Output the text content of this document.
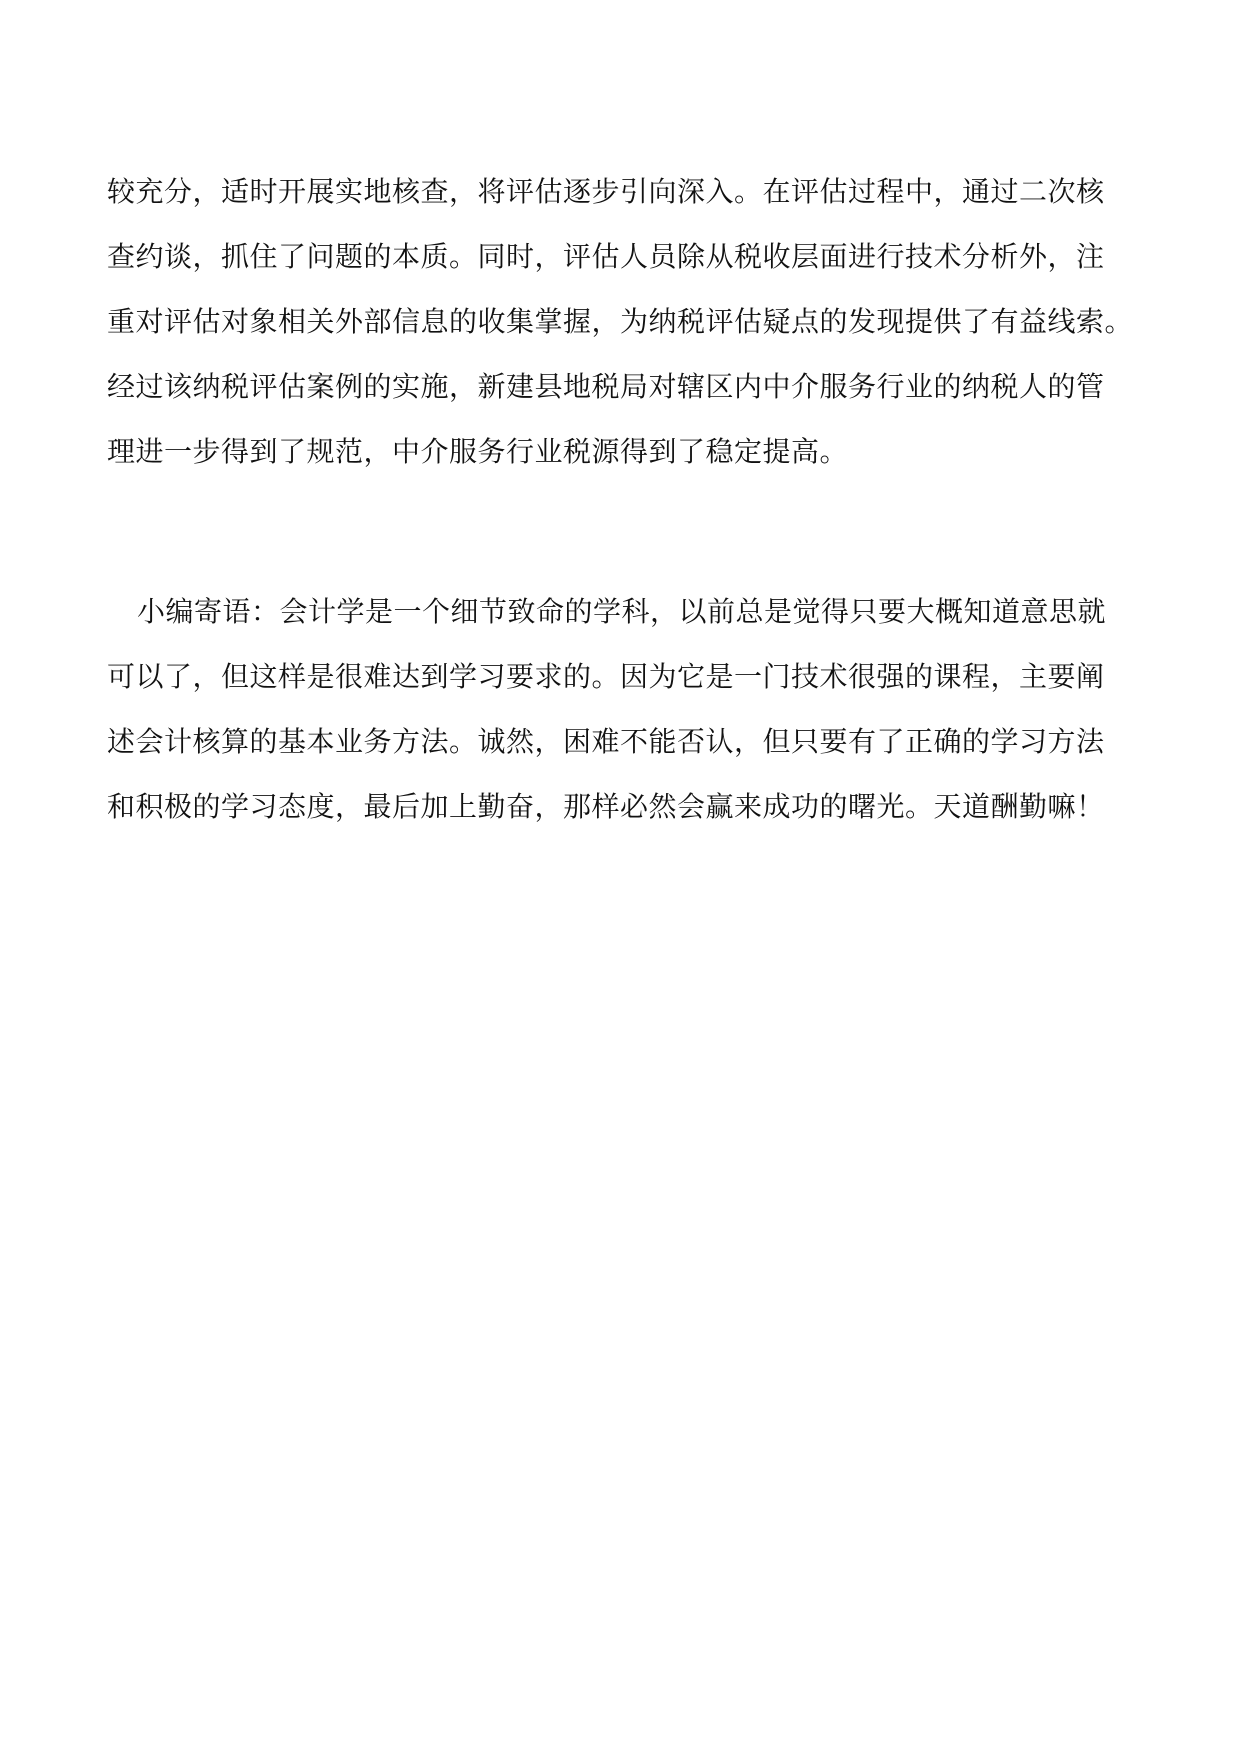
较充分，适时开展实地核查，将评估逐步引向深入。在评估过程中，通过二次核
查约谈，抓住了问题的本质。同时，评估人员除从税收层面进行技术分析外，注
重对评估对象相关外部信息的收集掌握，为纳税评估疑点的发现提供了有益线索。
经过该纳税评估案例的实施，新建县地税局对辖区内中介服务行业的纳税人的管
理进一步得到了规范，中介服务行业税源得到了稳定提高。
小编寄语：会计学是一个细节致命的学科，以前总是觉得只要大概知道意思就
可以了，但这样是很难达到学习要求的。因为它是一门技术很强的课程，主要阐
述会计核算的基本业务方法。诚然，困难不能否认，但只要有了正确的学习方法
和积极的学习态度，最后加上勤奋，那样必然会赢来成功的曙光。天道酬勤嘛！
